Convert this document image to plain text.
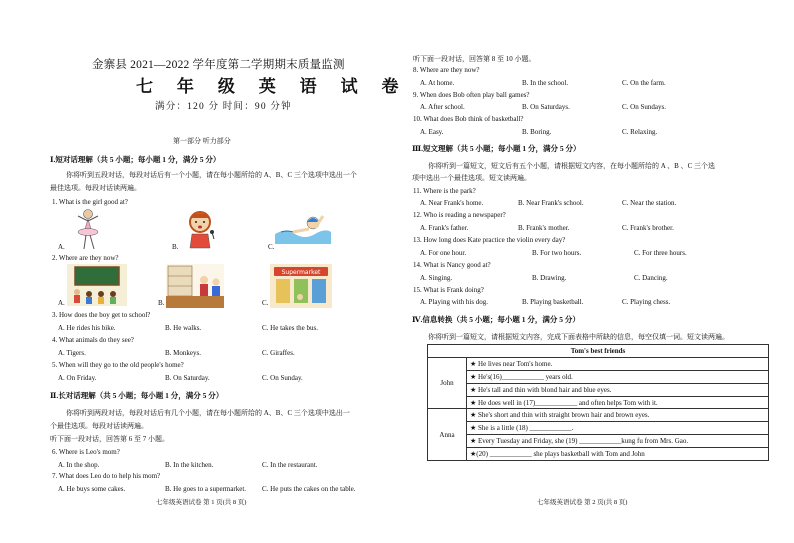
金寨县 2021—2022 学年度第二学期期末质量监测
七 年 级 英 语 试 卷
满分：120 分 时间：90 分钟
第一部分 听力部分
Ⅰ.短对话理解（共 5 小题；每小题 1 分，满分 5 分）
你将听到五段对话，每段对话后有一个小题，请在每小题所给的 A、B、C 三个选项中选出一个
最佳选项。每段对话读两遍。
1. What is the girl good at?
A.	B.	C.
2. Where are they now?
A.	B.	C.
Supermarket
3. How does the boy get to school?
A. He rides his bike.	B. He walks.	C. He takes the bus.
4. What animals do they see?
A. Tigers.	B. Monkeys.	C. Giraffes.
5. When will they go to the old people's home?
A. On Friday.	B. On Saturday.	C. On Sunday.
Ⅱ.长对话理解（共 5 小题；每小题 1 分，满分 5 分）
你将听到两段对话，每段对话后有几个小题，请在每小题所给的 A、B、C 三个选项中选出一
个最佳选项。每段对话读两遍。
听下面一段对话，回答第 6 至 7 小题。
6. Where is Leo's mom?
A. In the shop.	B. In the kitchen.	C. In the restaurant.
7. What does Leo do to help his mom?
A. He buys some cakes.	B. He goes to a supermarket. C. He puts the cakes on the table.
七年级英语试卷 第 1 页(共 8 页)
听下面一段对话，回答第 8 至 10 小题。
8. Where are they now?
A. At home.	B. In the school.	C. On the farm.
9. When does Bob often play ball games?
A. After school.	B. On Saturdays.	C. On Sundays.
10. What does Bob think of basketball?
A. Easy.	B. Boring.	C. Relaxing.
Ⅲ.短文理解（共 5 小题；每小题 1 分，满分 5 分）
你将听到一篇短文，短文后有五个小题，请根据短文内容，在每小题所给的 A 、B 、C 三个选
项中选出一个最佳选项。短文读两遍。
11. Where is the park?
A. Near Frank's home.	B. Near Frank's school.	C. Near the station.
12. Who is reading a newspaper?
A. Frank's father.	B. Frank's mother.	C. Frank's brother.
13. How long does Kate practice the violin every day?
A. For one hour.	B. For two hours.	C. For three hours.
14. What is Nancy good at?
A. Singing.	B. Drawing.	C. Dancing.
15. What is Frank doing?
A. Playing with his dog.	B. Playing basketball.	C. Playing chess.
Ⅳ.信息转换（共 5 小题；每小题 1 分，满分 5 分）
你将听到一篇短文，请根据短文内容，完成下面表格中所缺的信息，每空仅填一词。短文读两遍。
Tom's best friends	
John	★ He lives near Tom's home.
	★ He's(16)____________ years old.
	★ He's tall and thin with blond hair and blue eyes.
	★ He does well in (17)____________ and often helps Tom with it.
Anna	★ She's short and thin with straight brown hair and brown eyes.
	★ She is a little (18) ____________.
	★ Every Tuesday and Friday, she (19) ____________kung fu from Mrs. Gao.
	★(20) ____________ she plays basketball with Tom and John
七年级英语试卷 第 2 页(共 8 页)
